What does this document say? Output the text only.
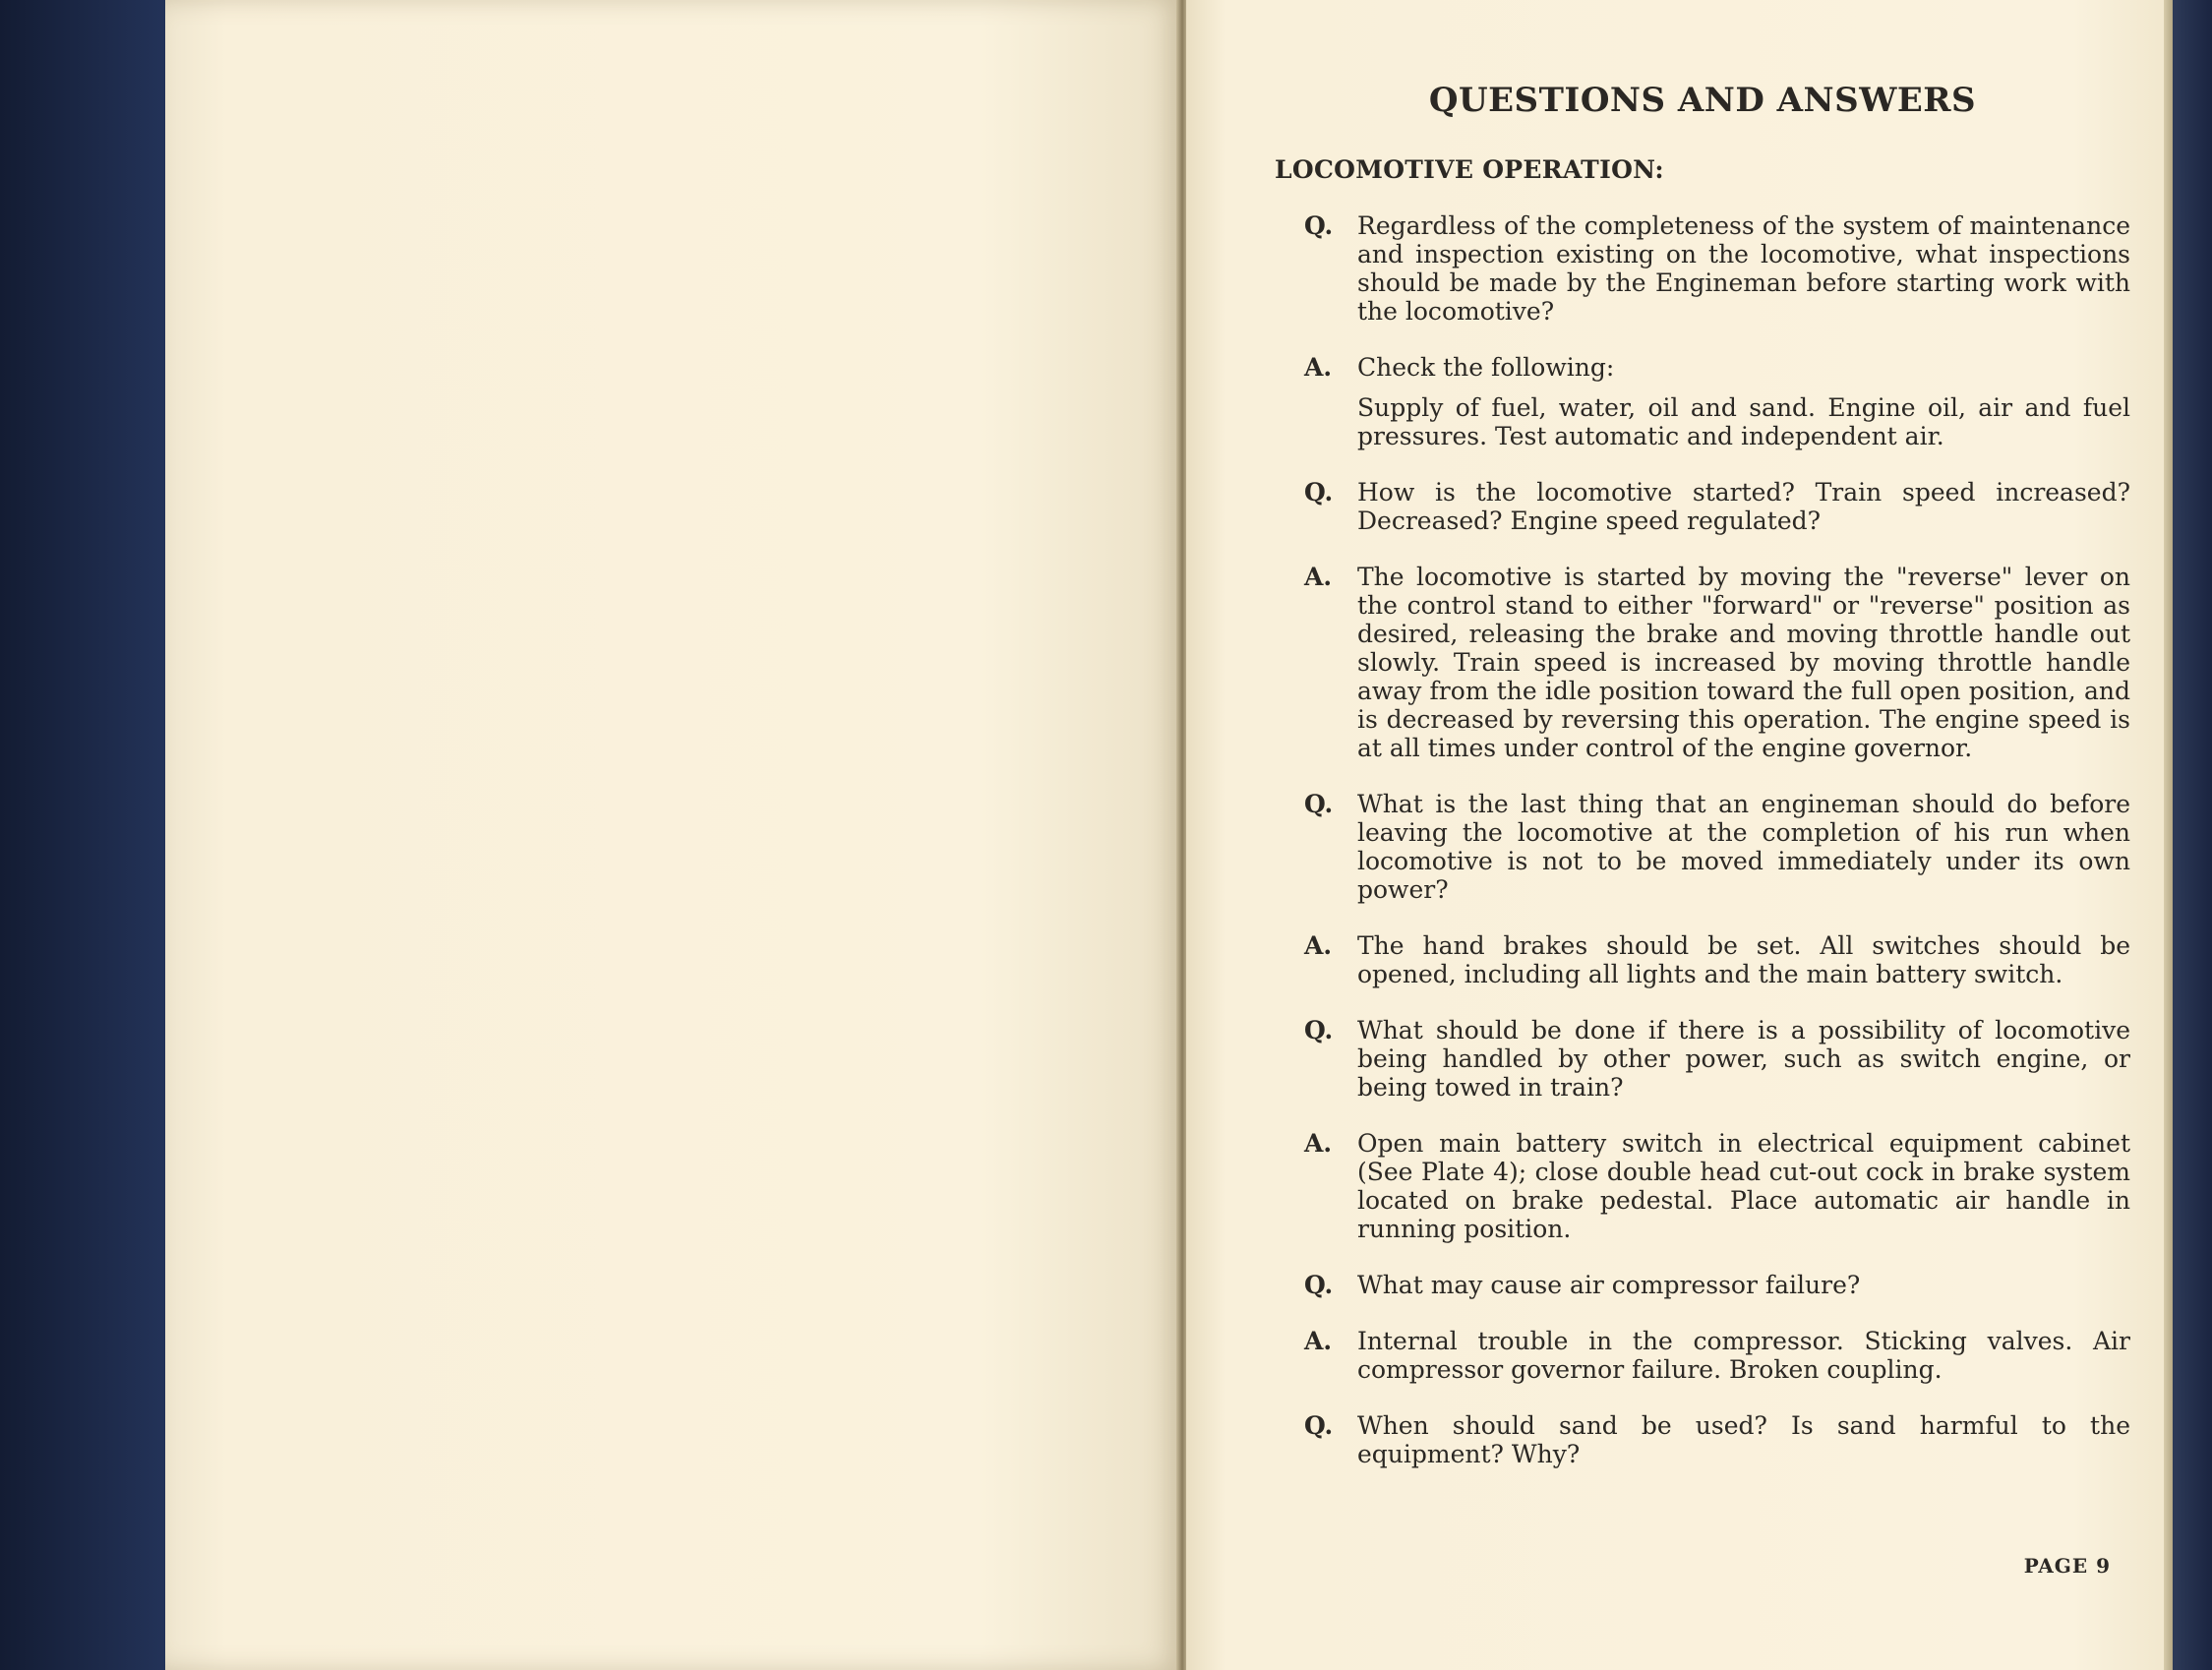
QUESTIONS AND ANSWERS
LOCOMOTIVE OPERATION:
Q. Regardless of the completeness of the system of maintenance and inspection existing on the locomotive, what inspections should be made by the Engineman before starting work with the locomotive?

A.	Check the following:

Supply of fuel, water, oil and sand. Engine oil, air and fuel pressures. Test automatic and independent air.

Q. How is the locomotive started? Train speed increased? Decreased? Engine speed regulated?

A.	The locomotive is started by moving the "reverse" lever on the control stand to either "forward" or "reverse" position as desired, releasing the brake and moving throttle handle out slowly. Train speed is increased by moving throttle handle away from the idle position toward the full open position, and is decreased by reversing this operation. The engine speed is at all times under control of the engine governor.

Q. What is the last thing that an engineman should do before leaving the locomotive at the completion of his run when locomotive is not to be moved immediately under its own power?

A.	The hand brakes should be set. All switches should be opened, including all lights and the main battery switch.

Q. What should be done if there is a possibility of locomotive being handled by other power, such as switch engine, or being towed in train?

A.	Open main battery switch in electrical equipment cabinet (See Plate 4); close double head cut-out cock in brake system located on brake pedestal. Place automatic air handle in running position.

Q. What may cause air compressor failure?

A.	Internal trouble in the compressor. Sticking valves. Air compressor governor failure. Broken coupling.

Q. When should sand be used? Is sand harmful to the equipment? Why?

PAGE 9
